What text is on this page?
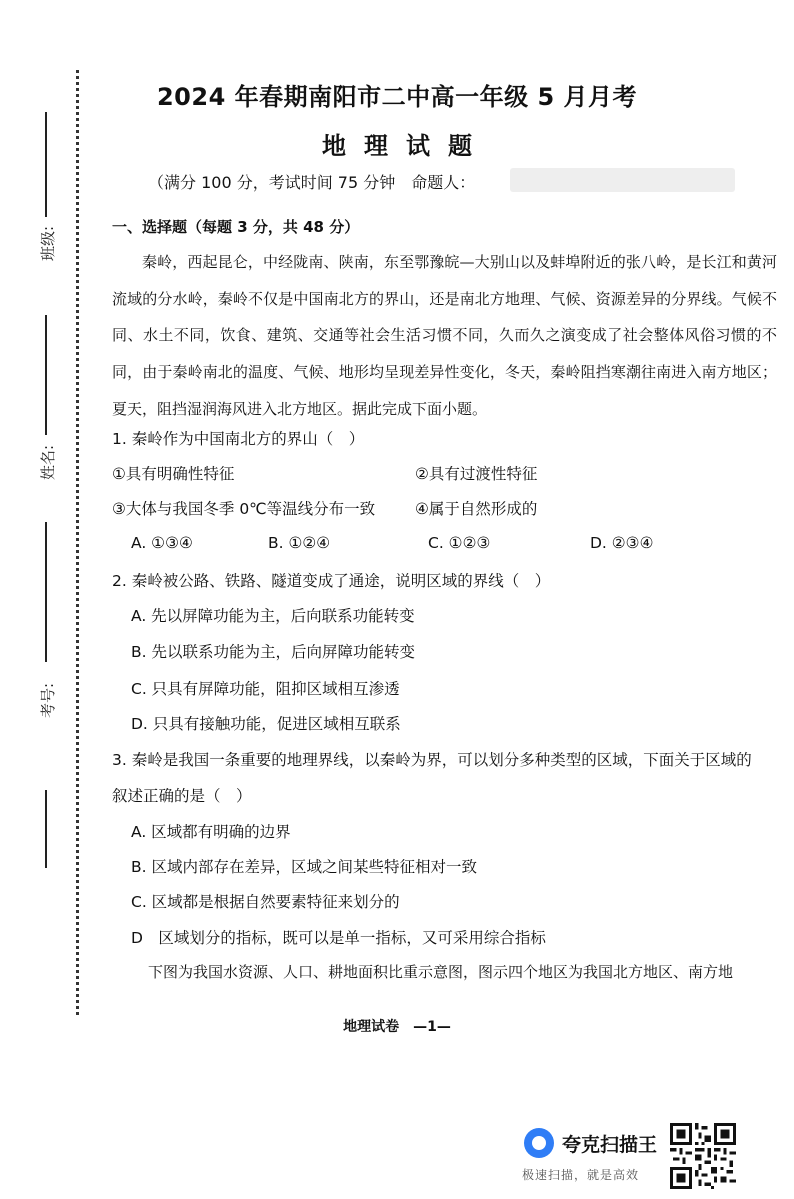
班级:
姓名:
考号:
2024 年春期南阳市二中高一年级 5 月月考
地理试题
（满分 100 分，考试时间 75 分钟　命题人：
一、选择题（每题 3 分，共 48 分）
秦岭，西起昆仑，中经陇南、陕南，东至鄂豫皖—大别山以及蚌埠附近的张八岭，是长江和黄河流域的分水岭，秦岭不仅是中国南北方的界山，还是南北方地理、气候、资源差异的分界线。气候不同、水土不同，饮食、建筑、交通等社会生活习惯不同，久而久之演变成了社会整体风俗习惯的不同，由于秦岭南北的温度、气候、地形均呈现差异性变化，冬天，秦岭阻挡寒潮往南进入南方地区；夏天，阻挡湿润海风进入北方地区。据此完成下面小题。
1. 秦岭作为中国南北方的界山（　）
①具有明确性特征	②具有过渡性特征
③大体与我国冬季 0℃等温线分布一致	④属于自然形成的
A. ①③④	B. ①②④	C. ①②③	D. ②③④
2. 秦岭被公路、铁路、隧道变成了通途，说明区域的界线（　）
A. 先以屏障功能为主，后向联系功能转变
B. 先以联系功能为主，后向屏障功能转变
C. 只具有屏障功能，阻抑区域相互渗透
D. 只具有接触功能，促进区域相互联系
3. 秦岭是我国一条重要的地理界线，以秦岭为界，可以划分多种类型的区域，下面关于区域的
叙述正确的是（　）
A. 区域都有明确的边界
B. 区域内部存在差异，区域之间某些特征相对一致
C. 区域都是根据自然要素特征来划分的
D　区域划分的指标，既可以是单一指标，又可采用综合指标
下图为我国水资源、人口、耕地面积比重示意图，图示四个地区为我国北方地区、南方地
地理试卷　—1—
夸克扫描王
极速扫描，就是高效
